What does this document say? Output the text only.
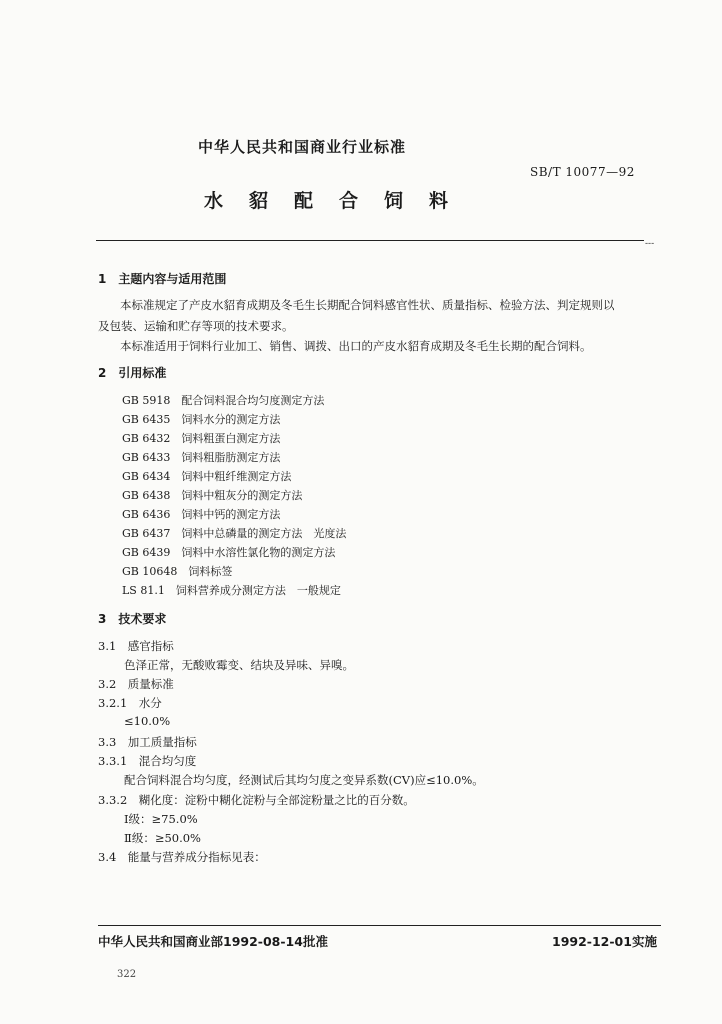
中华人民共和国商业行业标准
SB/T 10077—92
水貂配合饲料
---
1　主题内容与适用范围
本标准规定了产皮水貂育成期及冬毛生长期配合饲料感官性状、质量指标、检验方法、判定规则以
及包装、运输和贮存等项的技术要求。
本标准适用于饲料行业加工、销售、调拨、出口的产皮水貂育成期及冬毛生长期的配合饲料。
2　引用标准
GB 5918　配合饲料混合均匀度测定方法
GB 6435　饲料水分的测定方法
GB 6432　饲料粗蛋白测定方法
GB 6433　饲料粗脂肪测定方法
GB 6434　饲料中粗纤维测定方法
GB 6438　饲料中粗灰分的测定方法
GB 6436　饲料中钙的测定方法
GB 6437　饲料中总磷量的测定方法　光度法
GB 6439　饲料中水溶性氯化物的测定方法
GB 10648　饲料标签
LS 81.1　饲料营养成分测定方法　一般规定
3　技术要求
3.1　感官指标
色泽正常，无酸败霉变、结块及异味、异嗅。
3.2　质量标准
3.2.1　水分
≤10.0%
3.3　加工质量指标
3.3.1　混合均匀度
配合饲料混合均匀度，经测试后其均匀度之变异系数(CV)应≤10.0%。
3.3.2　糊化度：淀粉中糊化淀粉与全部淀粉量之比的百分数。
Ⅰ级：≥75.0%
Ⅱ级：≥50.0%
3.4　能量与营养成分指标见表：
中华人民共和国商业部1992-08-14批准	1992-12-01实施
322
